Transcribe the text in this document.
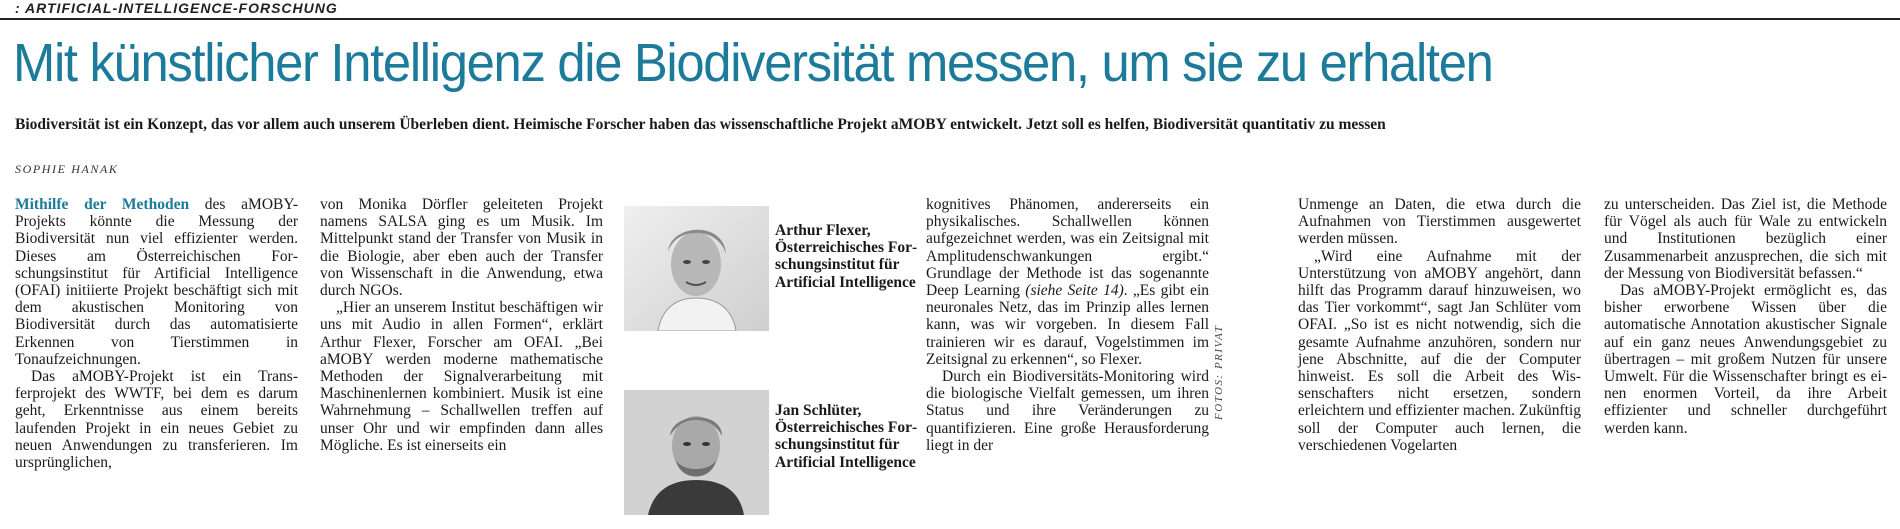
: ARTIFICIAL-INTELLIGENCE-FORSCHUNG
Mit künstlicher Intelligenz die Biodiversität messen, um sie zu erhalten
Biodiversität ist ein Konzept, das vor allem auch unserem Überleben dient. Heimische Forscher haben das wissenschaftliche Projekt aMOBY entwickelt. Jetzt soll es helfen, Biodiversität quantitativ zu messen
SOPHIE HANAK

Mithilfe der Methoden des aMOBY-Projekts könnte die Messung der Biodiversität nun viel effizienter werden. Dieses am Österreichischen Forschungsinstitut für Artificial Intelligence (OFAI) initiierte Projekt beschäftigt sich mit dem akustischen Monitoring von Biodiversität durch das automatisierte Erkennen von Tierstimmen in Tonaufzeichnungen.

Das aMOBY-Projekt ist ein Transferprojekt des WWTF, bei dem es darum geht, Erkenntnisse aus einem bereits laufenden Projekt in ein neues Gebiet zu neuen Anwendungen zu transferieren. Im ursprünglichen,

von Monika Dörfler geleiteten Projekt namens SALSA ging es um Musik. Im Mittelpunkt stand der Transfer von Musik in die Biologie, aber eben auch der Transfer von Wissenschaft in die Anwendung, etwa durch NGOs.

„Hier an unserem Institut beschäftigen wir uns mit Audio in allen Formen“, erklärt Arthur Flexer, Forscher am OFAI. „Bei aMOBY werden moderne mathematische Methoden der Signalverarbeitung mit Maschinenlernen kombiniert. Musik ist eine Wahrnehmung – Schallwellen treffen auf unser Ohr und wir empfinden dann alles Mögliche. Es ist einerseits ein

Arthur Flexer, Österreichisches Forschungsinstitut für Artificial Intelligence
Jan Schlüter, Österreichisches Forschungsinstitut für Artificial Intelligence

kognitives Phänomen, andererseits ein physikalisches. Schallwellen können aufgezeichnet werden, was ein Zeitsignal mit Amplitudenschwankungen ergibt.“ Grundlage der Methode ist das sogenannte Deep Learning (siehe Seite 14). „Es gibt ein neuronales Netz, das im Prinzip alles lernen kann, was wir vorgeben. In diesem Fall trainieren wir es darauf, Vogelstimmen im Zeitsignal zu erkennen“, so Flexer.

Durch ein Biodiversitäts-Monitoring wird die biologische Vielfalt gemessen, um ihren Status und ihre Veränderungen zu quantifizieren. Eine große Herausforderung liegt in der

FOTOS: PRIVAT

Unmenge an Daten, die etwa durch die Aufnahmen von Tierstimmen ausgewertet werden müssen.

„Wird eine Aufnahme mit der Unterstützung von aMOBY angehört, dann hilft das Programm darauf hinzuweisen, wo das Tier vorkommt“, sagt Jan Schlüter vom OFAI. „So ist es nicht notwendig, sich die gesamte Aufnahme anzuhören, sondern nur jene Abschnitte, auf die der Computer hinweist. Es soll die Arbeit des Wissenschafters nicht ersetzen, sondern erleichtern und effizienter machen. Zukünftig soll der Computer auch lernen, die verschiedenen Vogelarten

zu unterscheiden. Das Ziel ist, die Methode für Vögel als auch für Wale zu entwickeln und Institutionen bezüglich einer Zusammenarbeit anzusprechen, die sich mit der Messung von Biodiversität befassen.“

Das aMOBY-Projekt ermöglicht es, das bisher erworbene Wissen über die automatische Annotation akustischer Signale auf ein ganz neues Anwendungsgebiet zu übertragen – mit großem Nutzen für unsere Umwelt. Für die Wissenschafter bringt es einen enormen Vorteil, da ihre Arbeit effizienter und schneller durchgeführt werden kann.
